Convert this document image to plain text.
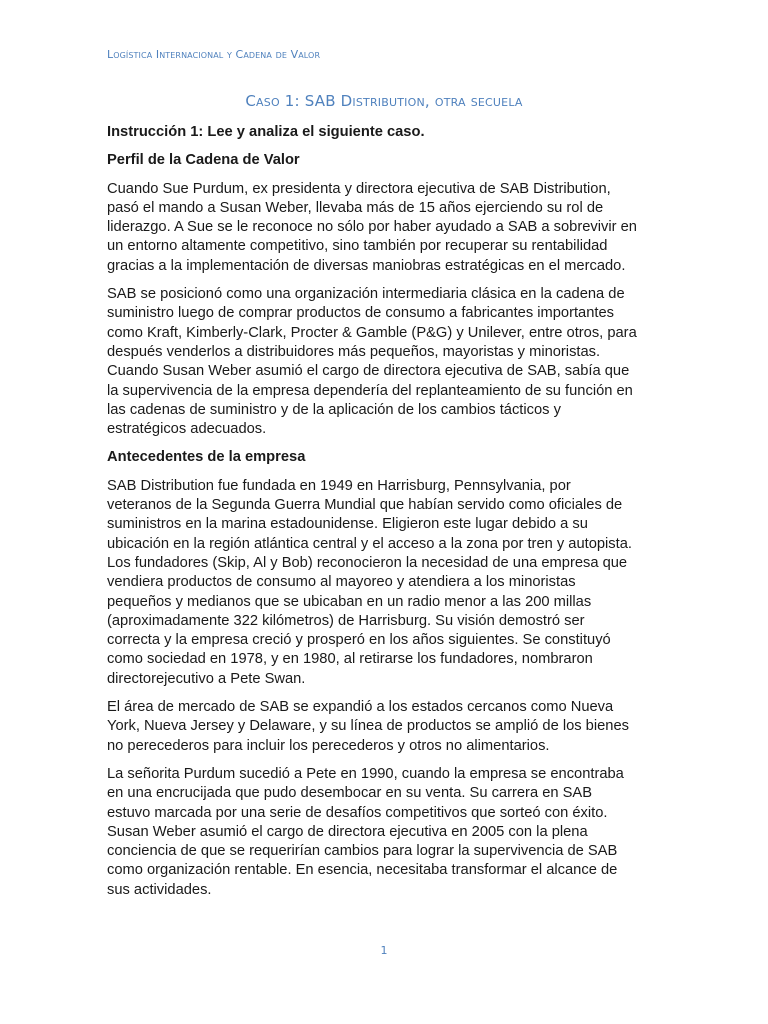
Logística Internacional y Cadena de Valor
Caso 1: SAB Distribution, otra secuela

Instrucción 1: Lee y analiza el siguiente caso.

Perfil de la Cadena de Valor

Cuando Sue Purdum, ex presidenta y directora ejecutiva de SAB Distribution, pasó el mando a Susan Weber, llevaba más de 15 años ejerciendo su rol de liderazgo. A Sue se le reconoce no sólo por haber ayudado a SAB a sobrevivir en un entorno altamente competitivo, sino también por recuperar su rentabilidad gracias a la implementación de diversas maniobras estratégicas en el mercado.

SAB se posicionó como una organización intermediaria clásica en la cadena de suministro luego de comprar productos de consumo a fabricantes importantes como Kraft, Kimberly-Clark, Procter & Gamble (P&G) y Unilever, entre otros, para después venderlos a distribuidores más pequeños, mayoristas y minoristas. Cuando Susan Weber asumió el cargo de directora ejecutiva de SAB, sabía que la supervivencia de la empresa dependería del replanteamiento de su función en las cadenas de suministro y de la aplicación de los cambios tácticos y estratégicos adecuados.

Antecedentes de la empresa

SAB Distribution fue fundada en 1949 en Harrisburg, Pennsylvania, por veteranos de la Segunda Guerra Mundial que habían servido como oficiales de suministros en la marina estadounidense. Eligieron este lugar debido a su ubicación en la región atlántica central y el acceso a la zona por tren y autopista. Los fundadores (Skip, Al y Bob) reconocieron la necesidad de una empresa que vendiera productos de consumo al mayoreo y atendiera a los minoristas pequeños y medianos que se ubicaban en un radio menor a las 200 millas (aproximadamente 322 kilómetros) de Harrisburg. Su visión demostró ser correcta y la empresa creció y prosperó en los años siguientes. Se constituyó como sociedad en 1978, y en 1980, al retirarse los fundadores, nombraron directorejecutivo a Pete Swan.

El área de mercado de SAB se expandió a los estados cercanos como Nueva York, Nueva Jersey y Delaware, y su línea de productos se amplió de los bienes no perecederos para incluir los perecederos y otros no alimentarios.

La señorita Purdum sucedió a Pete en 1990, cuando la empresa se encontraba en una encrucijada que pudo desembocar en su venta. Su carrera en SAB estuvo marcada por una serie de desafíos competitivos que sorteó con éxito. Susan Weber asumió el cargo de directora ejecutiva en 2005 con la plena conciencia de que se requerirían cambios para lograr la supervivencia de SAB como organización rentable. En esencia, necesitaba transformar el alcance de sus actividades.

1
